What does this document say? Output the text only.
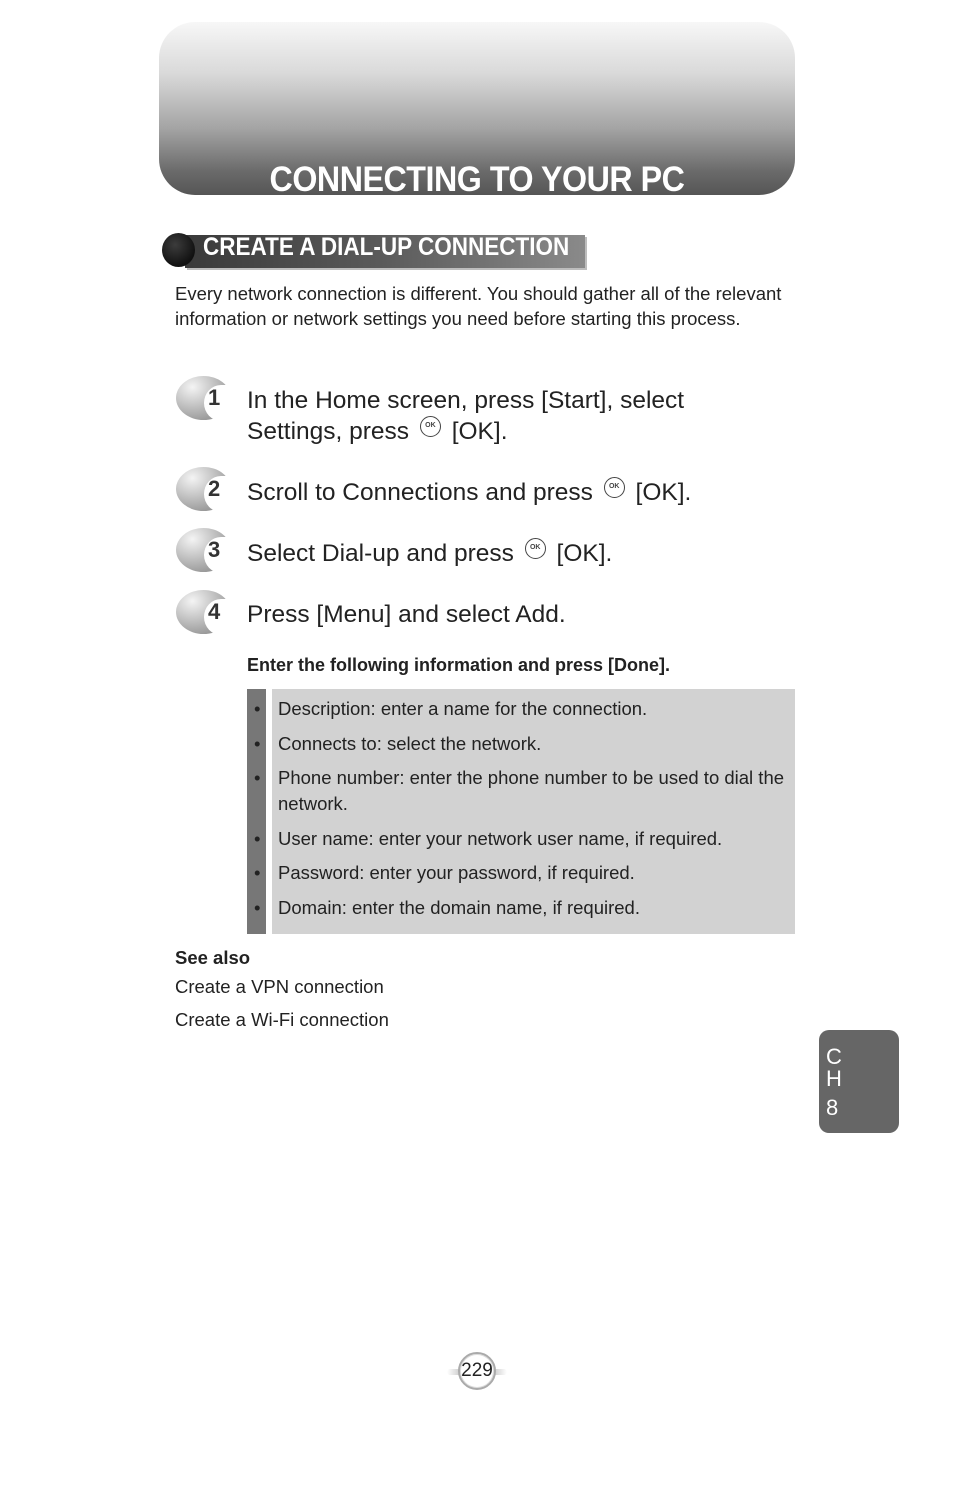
CONNECTING TO YOUR PC
CREATE A DIAL-UP CONNECTION
Every network connection is different. You should gather all of the relevant information or network settings you need before starting this process.
1 In the Home screen, press [Start], select
Settings, press OK [OK].
2 Scroll to Connections and press OK [OK].
3 Select Dial-up and press OK [OK].
4 Press [Menu] and select Add.
Enter the following information and press [Done].
• Description: enter a name for the connection.
• Connects to: select the network.
• Phone number: enter the phone number to be used to dial the network.
• User name: enter your network user name, if required.
• Password: enter your password, if required.
• Domain: enter the domain name, if required.
See also
Create a VPN connection
Create a Wi-Fi connection
C
H
8
229
